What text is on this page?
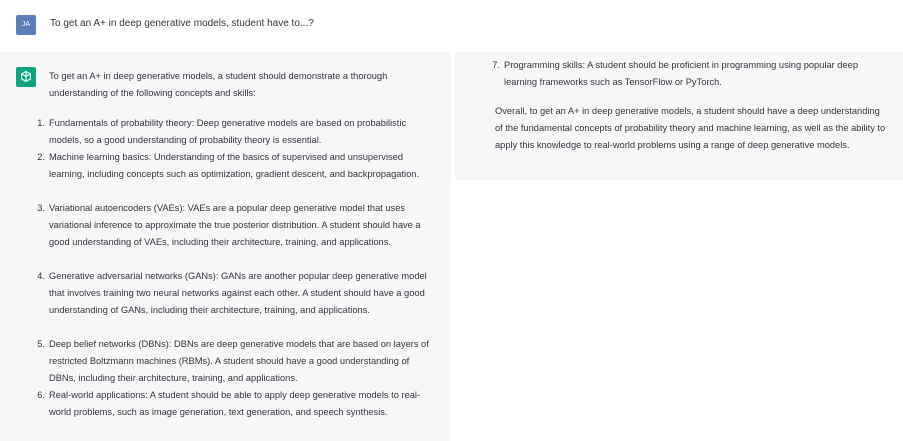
JA	To get an A+ in deep generative models, student have to...?

To get an A+ in deep generative models, a student should demonstrate a thorough understanding of the following concepts and skills:

1. Fundamentals of probability theory: Deep generative models are based on probabilistic models, so a good understanding of probability theory is essential.
2. Machine learning basics: Understanding of the basics of supervised and unsupervised learning, including concepts such as optimization, gradient descent, and backpropagation.
3. Variational autoencoders (VAEs): VAEs are a popular deep generative model that uses variational inference to approximate the true posterior distribution. A student should have a good understanding of VAEs, including their architecture, training, and applications.
4. Generative adversarial networks (GANs): GANs are another popular deep generative model that involves training two neural networks against each other. A student should have a good understanding of GANs, including their architecture, training, and applications.
5. Deep belief networks (DBNs): DBNs are deep generative models that are based on layers of restricted Boltzmann machines (RBMs). A student should have a good understanding of DBNs, including their architecture, training, and applications.
6. Real-world applications: A student should be able to apply deep generative models to real-world problems, such as image generation, text generation, and speech synthesis.
7. Programming skills: A student should be proficient in programming using popular deep learning frameworks such as TensorFlow or PyTorch.

Overall, to get an A+ in deep generative models, a student should have a deep understanding of the fundamental concepts of probability theory and machine learning, as well as the ability to apply this knowledge to real-world problems using a range of deep generative models.
